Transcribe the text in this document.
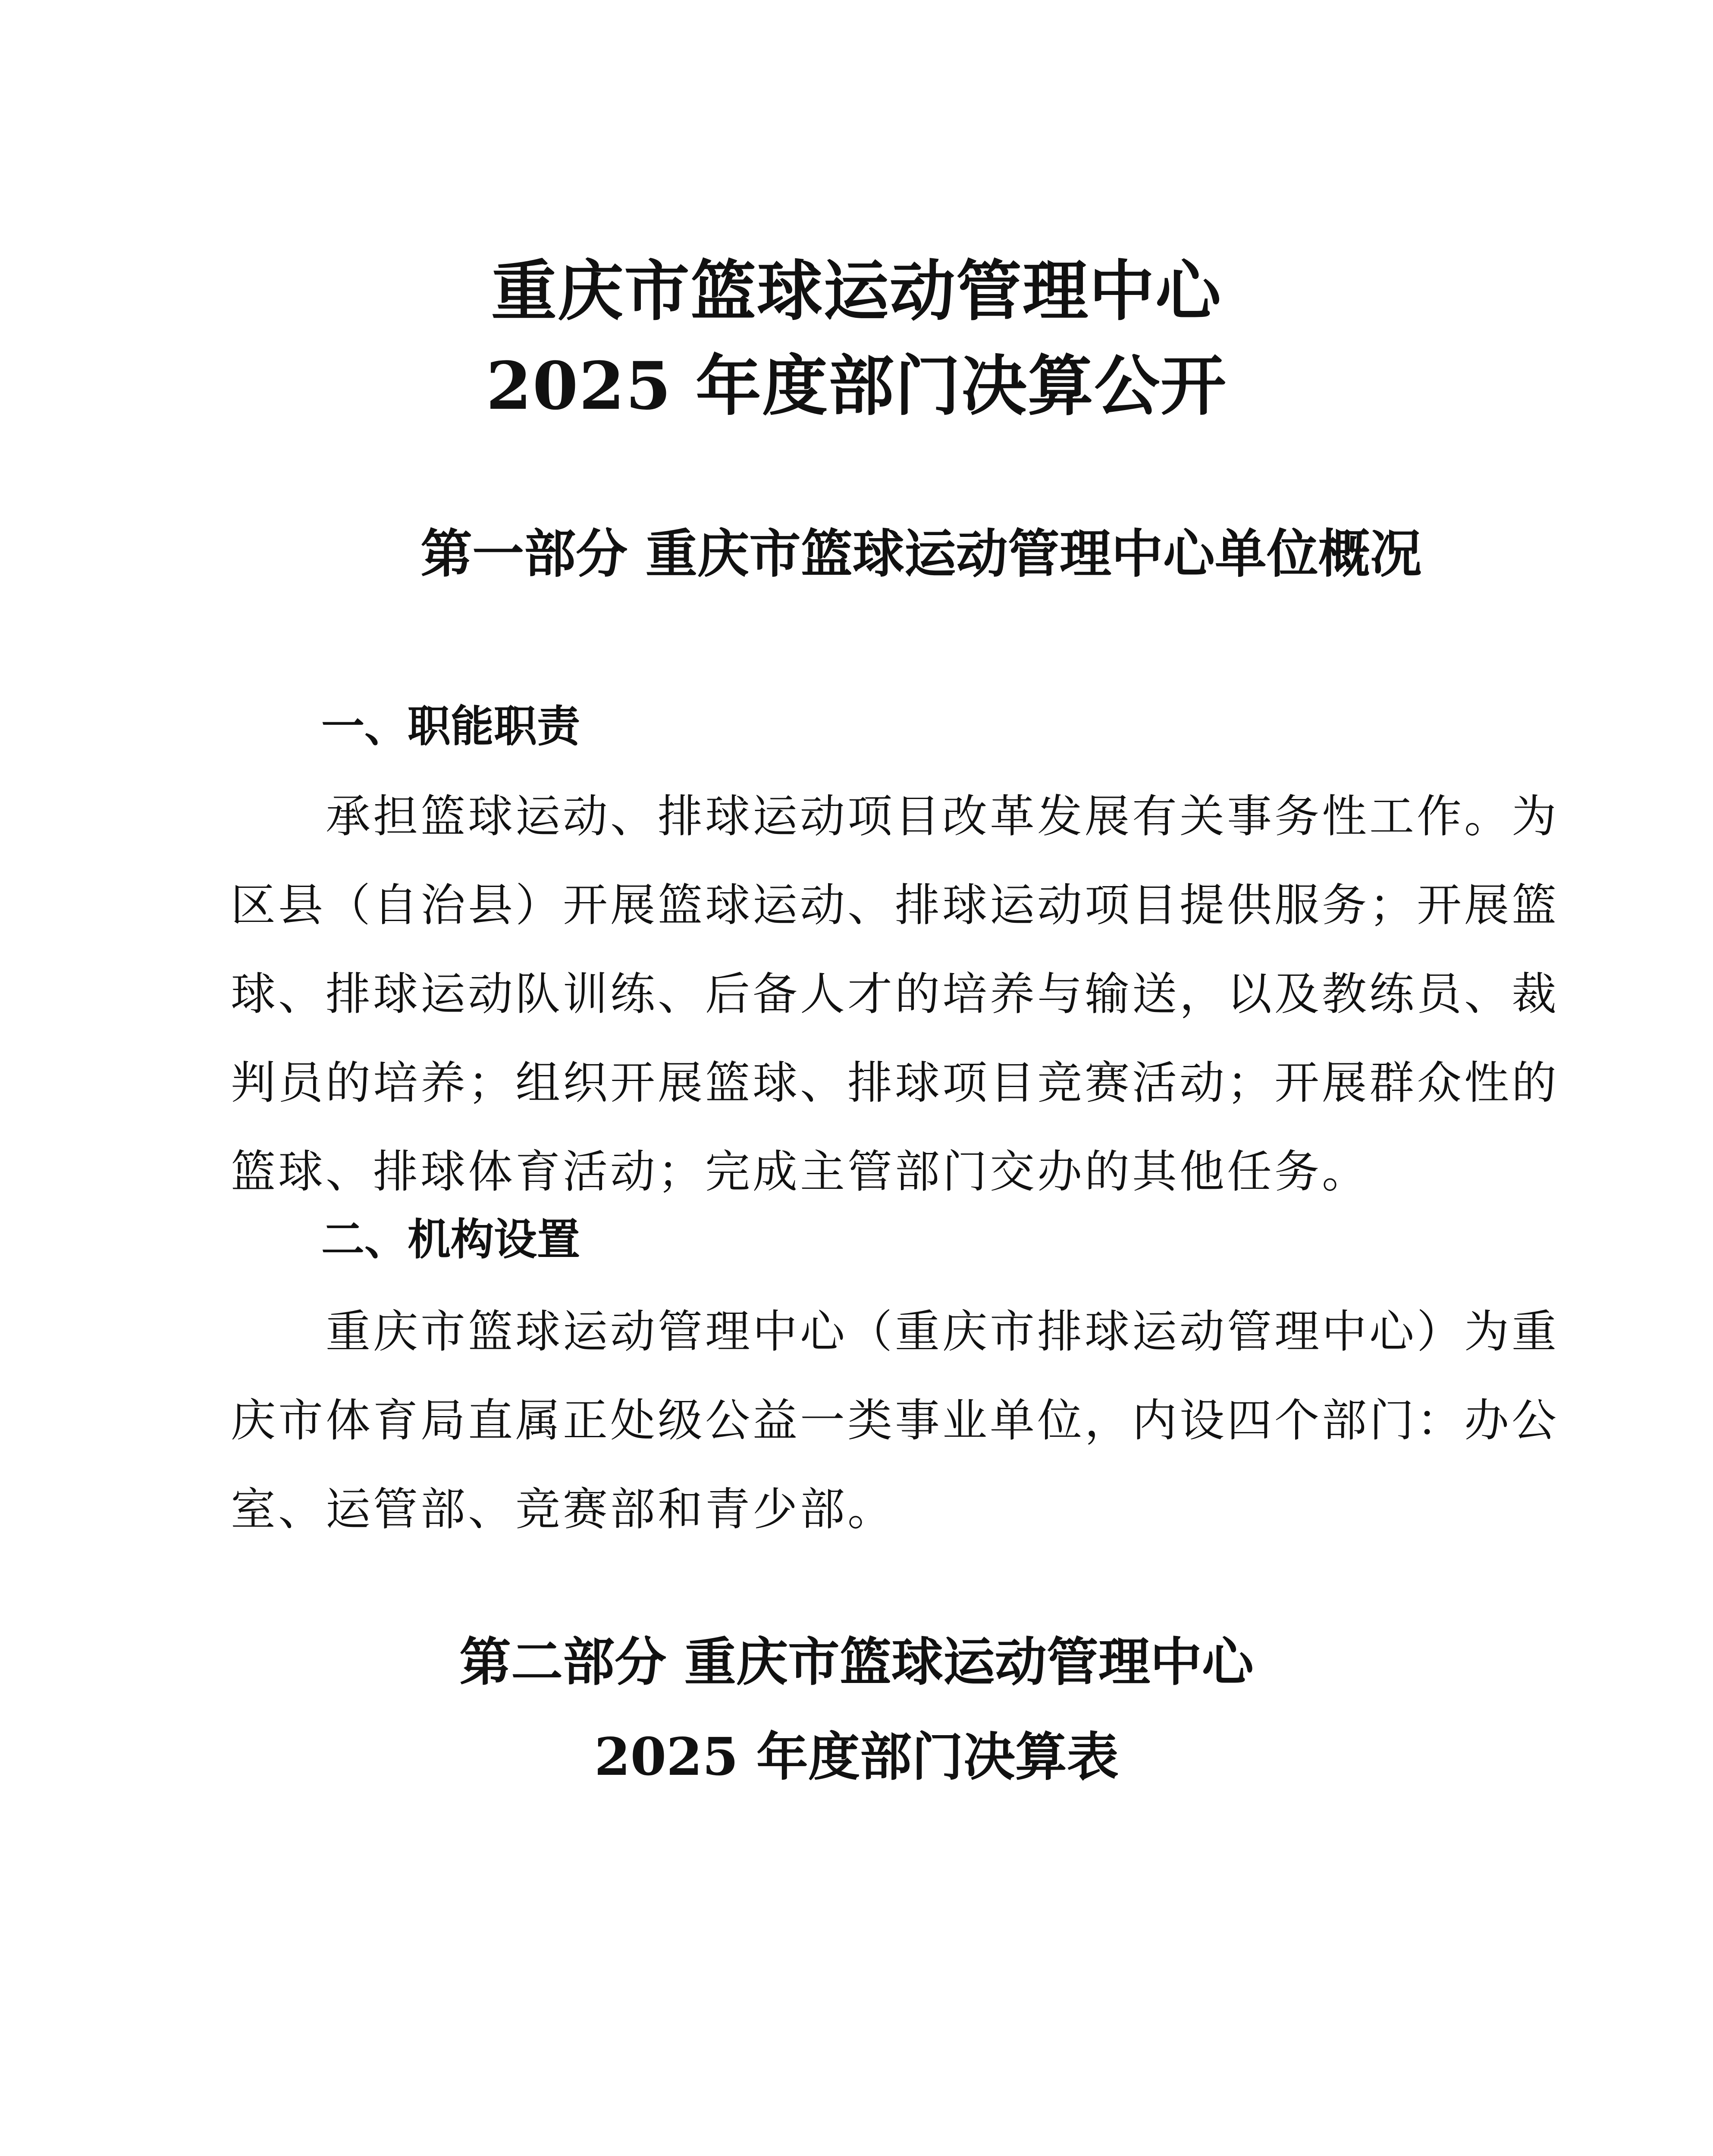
重庆市篮球运动管理中心
2025 年度部门决算公开
第一部分 重庆市篮球运动管理中心单位概况
一、职能职责

　　承担篮球运动、排球运动项目改革发展有关事务性工作。为
区县（自治县）开展篮球运动、排球运动项目提供服务；开展篮
球、排球运动队训练、后备人才的培养与输送，以及教练员、裁
判员的培养；组织开展篮球、排球项目竞赛活动；开展群众性的
篮球、排球体育活动；完成主管部门交办的其他任务。

二、机构设置

　　重庆市篮球运动管理中心（重庆市排球运动管理中心）为重
庆市体育局直属正处级公益一类事业单位，内设四个部门：办公
室、运管部、竞赛部和青少部。

第二部分 重庆市篮球运动管理中心
2025 年度部门决算表
